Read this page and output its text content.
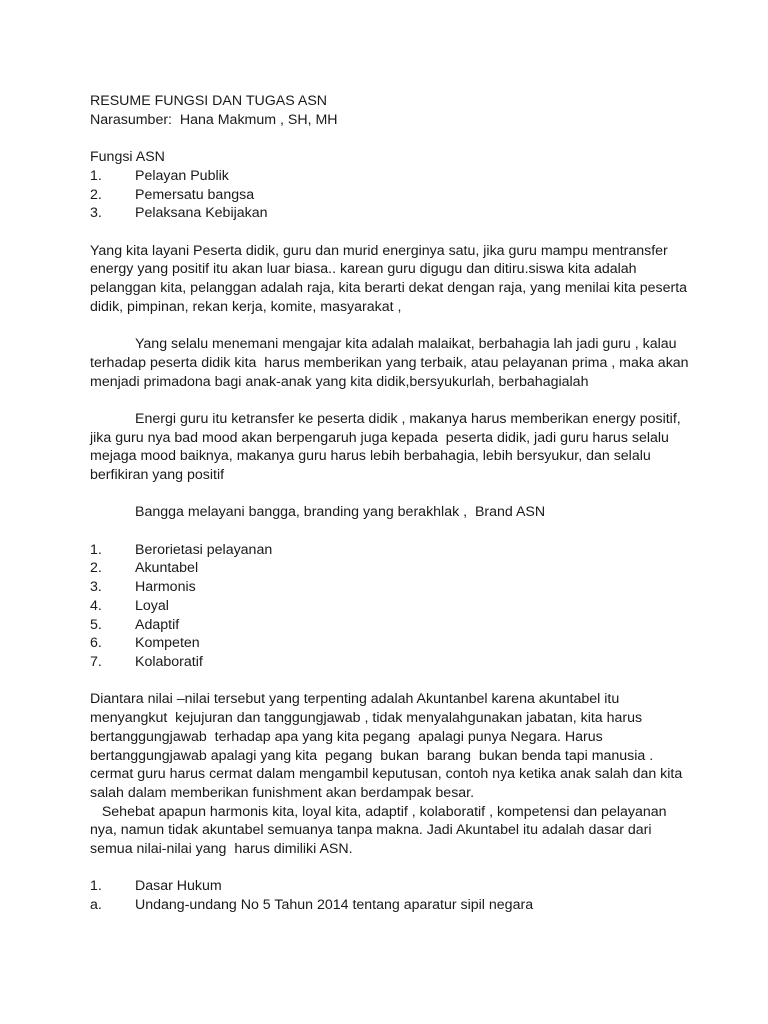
RESUME FUNGSI DAN TUGAS ASN

Narasumber:  Hana Makmum , SH, MH

Fungsi ASN

1.	Pelayan Publik
2.	Pemersatu bangsa
3.	Pelaksana Kebijakan

Yang kita layani Peserta didik, guru dan murid energinya satu, jika guru mampu mentransfer

energy yang positif itu akan luar biasa.. karean guru digugu dan ditiru.siswa kita adalah

pelanggan kita, pelanggan adalah raja, kita berarti dekat dengan raja, yang menilai kita peserta

didik, pimpinan, rekan kerja, komite, masyarakat ,

Yang selalu menemani mengajar kita adalah malaikat, berbahagia lah jadi guru , kalau

terhadap peserta didik kita  harus memberikan yang terbaik, atau pelayanan prima , maka akan

menjadi primadona bagi anak-anak yang kita didik,bersyukurlah, berbahagialah

Energi guru itu ketransfer ke peserta didik , makanya harus memberikan energy positif,

jika guru nya bad mood akan berpengaruh juga kepada  peserta didik, jadi guru harus selalu

mejaga mood baiknya, makanya guru harus lebih berbahagia, lebih bersyukur, dan selalu

berfikiran yang positif

Bangga melayani bangga, branding yang berakhlak ,  Brand ASN

1.	Berorietasi pelayanan
2.	Akuntabel
3.	Harmonis
4.	Loyal
5.	Adaptif
6.	Kompeten
7.	Kolaboratif

Diantara nilai –nilai tersebut yang terpenting adalah Akuntanbel karena akuntabel itu

menyangkut  kejujuran dan tanggungjawab , tidak menyalahgunakan jabatan, kita harus

bertanggungjawab  terhadap apa yang kita pegang  apalagi punya Negara. Harus

bertanggungjawab apalagi yang kita  pegang  bukan  barang  bukan benda tapi manusia .

cermat guru harus cermat dalam mengambil keputusan, contoh nya ketika anak salah dan kita

salah dalam memberikan funishment akan berdampak besar.

Sehebat apapun harmonis kita, loyal kita, adaptif , kolaboratif , kompetensi dan pelayanan

nya, namun tidak akuntabel semuanya tanpa makna. Jadi Akuntabel itu adalah dasar dari

semua nilai-nilai yang  harus dimiliki ASN.

1.	Dasar Hukum
a.	Undang-undang No 5 Tahun 2014 tentang aparatur sipil negara
